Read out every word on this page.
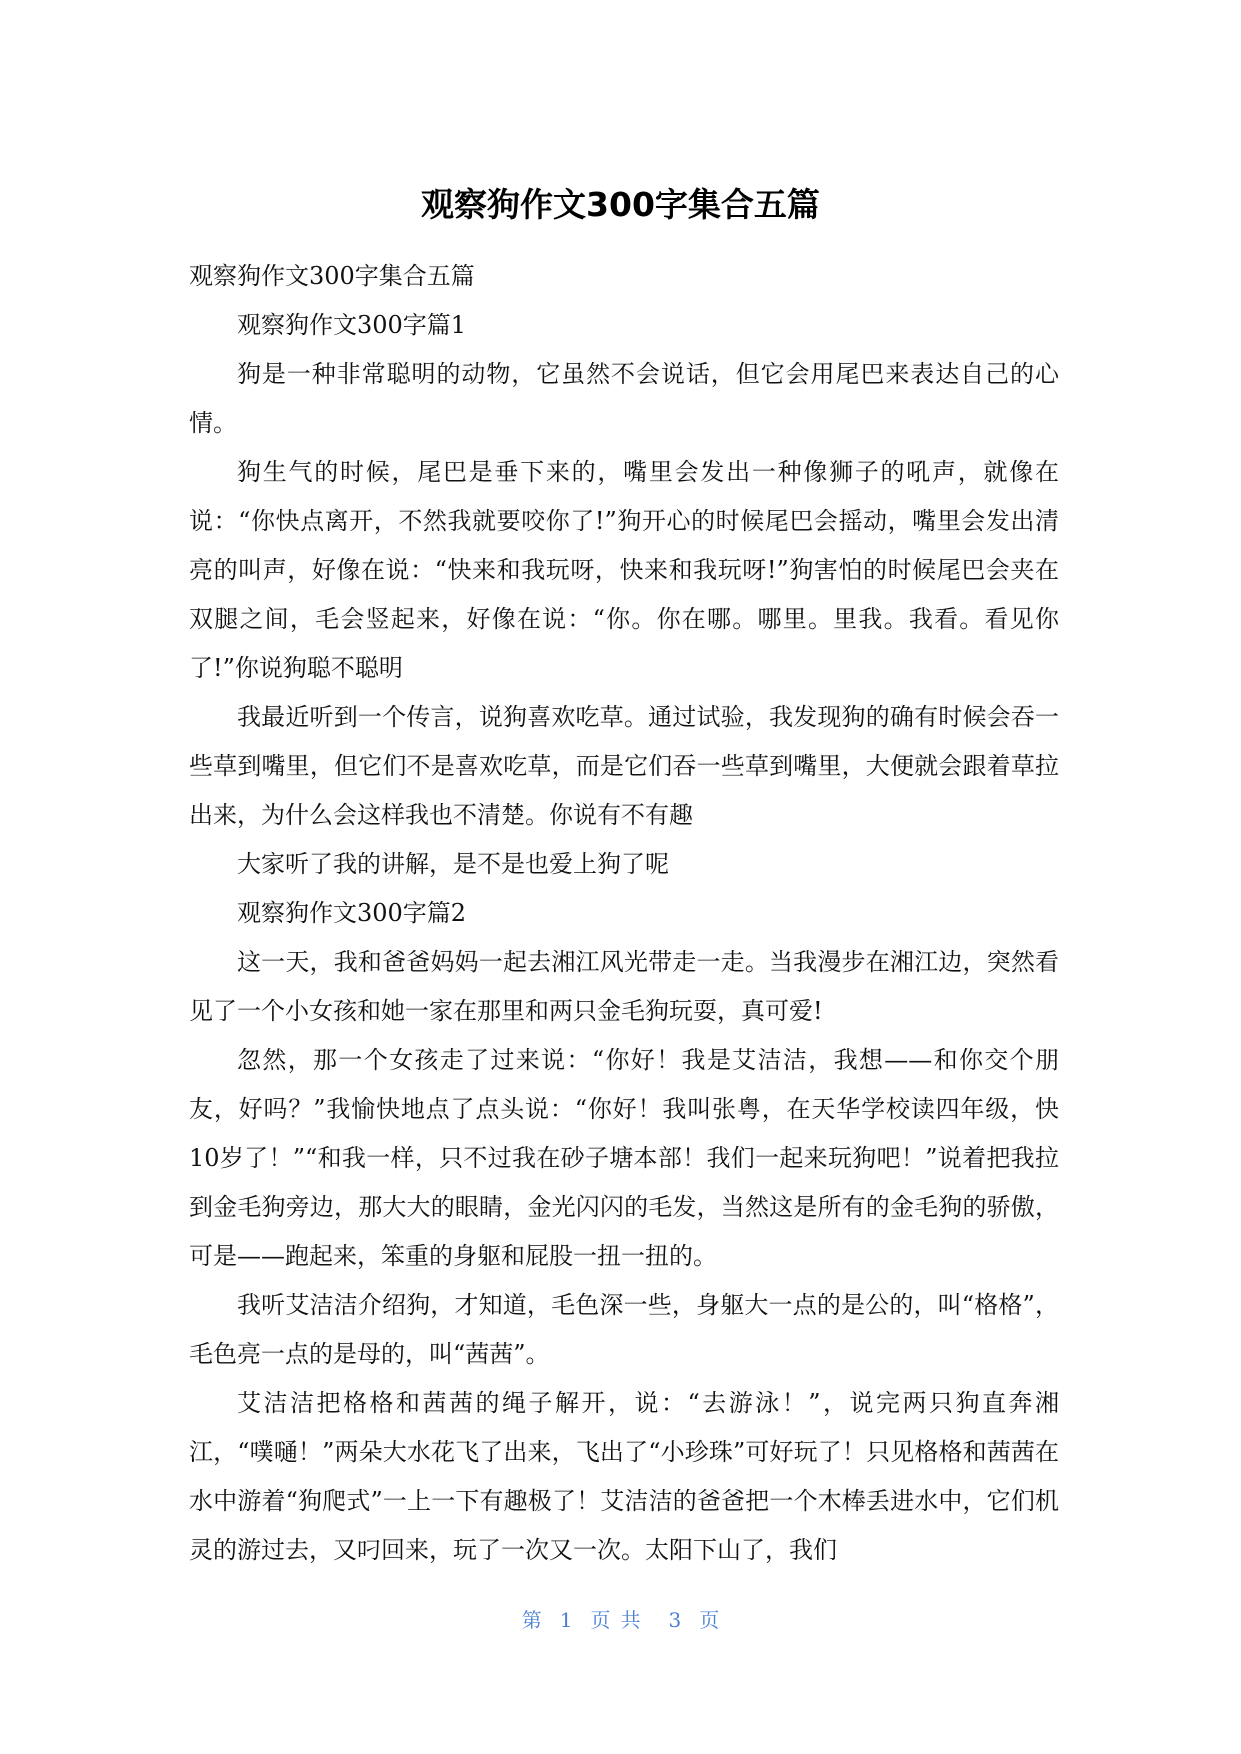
观察狗作文300字集合五篇

观察狗作文300字集合五篇

观察狗作文300字篇1

狗是一种非常聪明的动物，它虽然不会说话，但它会用尾巴来表达自己的心情。

狗生气的时候，尾巴是垂下来的，嘴里会发出一种像狮子的吼声，就像在说：“你快点离开，不然我就要咬你了!”狗开心的时候尾巴会摇动，嘴里会发出清亮的叫声，好像在说：“快来和我玩呀，快来和我玩呀!”狗害怕的时候尾巴会夹在双腿之间，毛会竖起来，好像在说：“你。你在哪。哪里。里我。我看。看见你了!”你说狗聪不聪明

我最近听到一个传言，说狗喜欢吃草。通过试验，我发现狗的确有时候会吞一些草到嘴里，但它们不是喜欢吃草，而是它们吞一些草到嘴里，大便就会跟着草拉出来，为什么会这样我也不清楚。你说有不有趣

大家听了我的讲解，是不是也爱上狗了呢

观察狗作文300字篇2

这一天，我和爸爸妈妈一起去湘江风光带走一走。当我漫步在湘江边，突然看见了一个小女孩和她一家在那里和两只金毛狗玩耍，真可爱!

忽然，那一个女孩走了过来说：“你好！我是艾洁洁，我想——和你交个朋友，好吗？”我愉快地点了点头说：“你好！我叫张粤，在天华学校读四年级，快10岁了！”“和我一样，只不过我在砂子塘本部！我们一起来玩狗吧！”说着把我拉到金毛狗旁边，那大大的眼睛，金光闪闪的毛发，当然这是所有的金毛狗的骄傲，可是——跑起来，笨重的身躯和屁股一扭一扭的。

我听艾洁洁介绍狗，才知道，毛色深一些，身躯大一点的是公的，叫“格格”，毛色亮一点的是母的，叫“茜茜”。

艾洁洁把格格和茜茜的绳子解开，说：“去游泳！”，说完两只狗直奔湘江，“噗嗵！”两朵大水花飞了出来，飞出了“小珍珠”可好玩了！只见格格和茜茜在水中游着“狗爬式”一上一下有趣极了！艾洁洁的爸爸把一个木棒丢进水中，它们机灵的游过去，又叼回来，玩了一次又一次。太阳下山了，我们

第 1 页共 3 页
